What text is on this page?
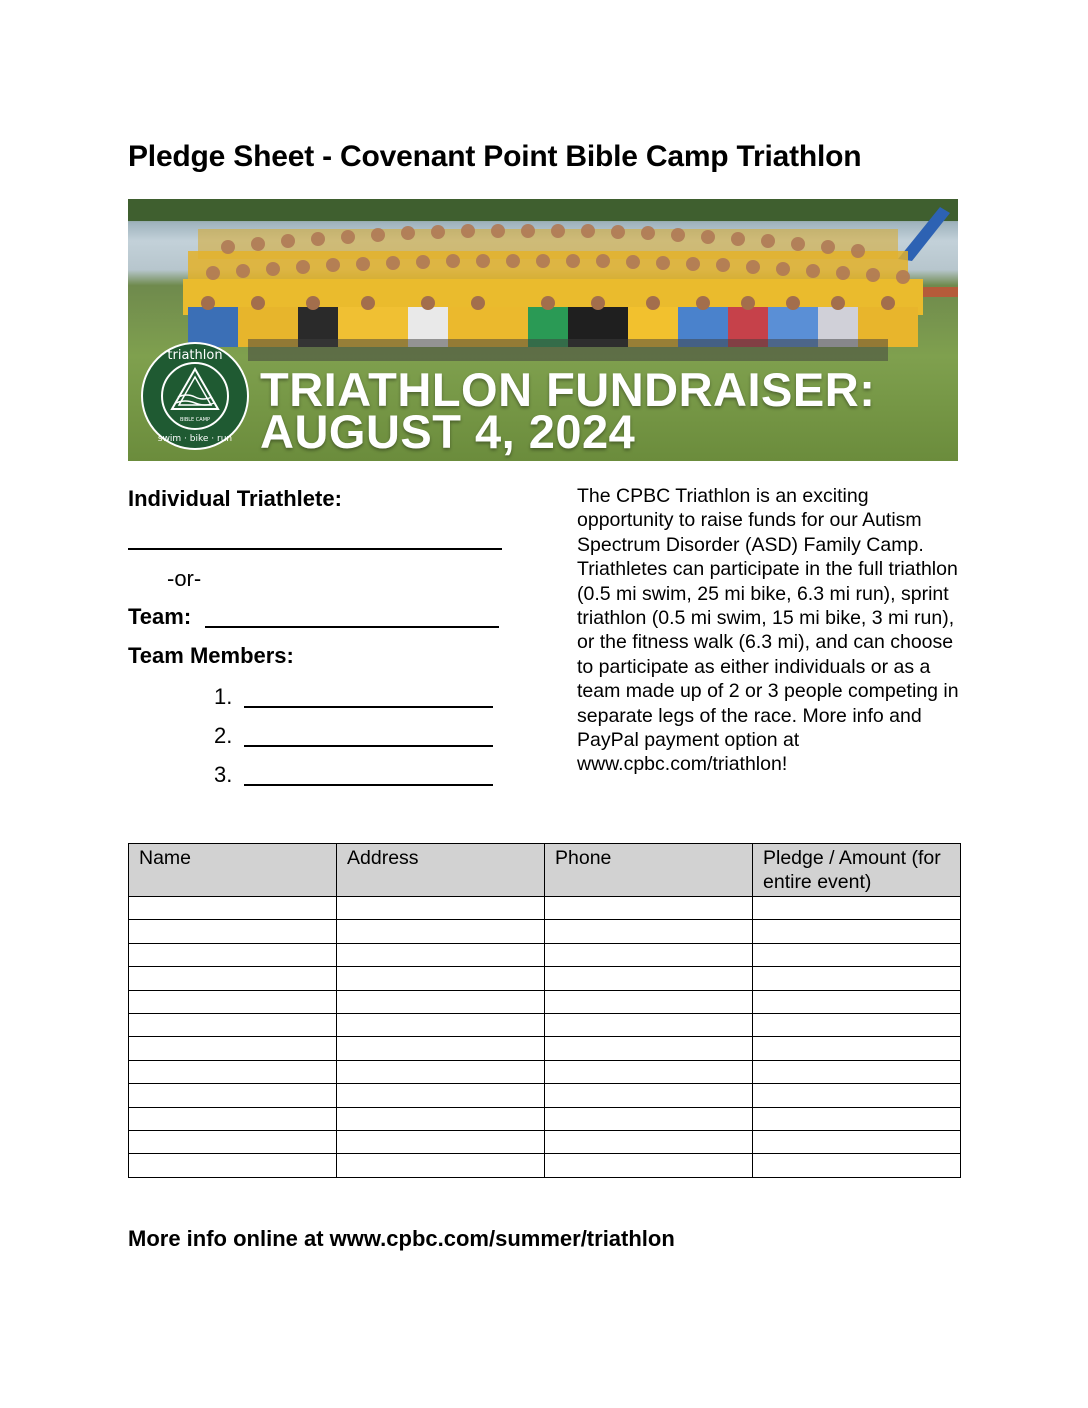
Pledge Sheet - Covenant Point Bible Camp Triathlon
triathlon
swim · bike · run
BIBLE CAMP
TRIATHLON FUNDRAISER:
AUGUST 4, 2024
Individual Triathlete:
-or-
Team:
Team Members:
1.
2.
3.

The CPBC Triathlon is an exciting opportunity to raise funds for our Autism Spectrum Disorder (ASD) Family Camp. Triathletes can participate in the full triathlon (0.5 mi swim, 25 mi bike, 6.3 mi run), sprint triathlon (0.5 mi swim, 15 mi bike, 3 mi run), or the fitness walk (6.3 mi), and can choose to participate as either individuals or as a team made up of 2 or 3 people competing in separate legs of the race. More info and PayPal payment option at www.cpbc.com/triathlon!

Name	Address	Phone	Pledge / Amount (for entire event)

More info online at www.cpbc.com/summer/triathlon
